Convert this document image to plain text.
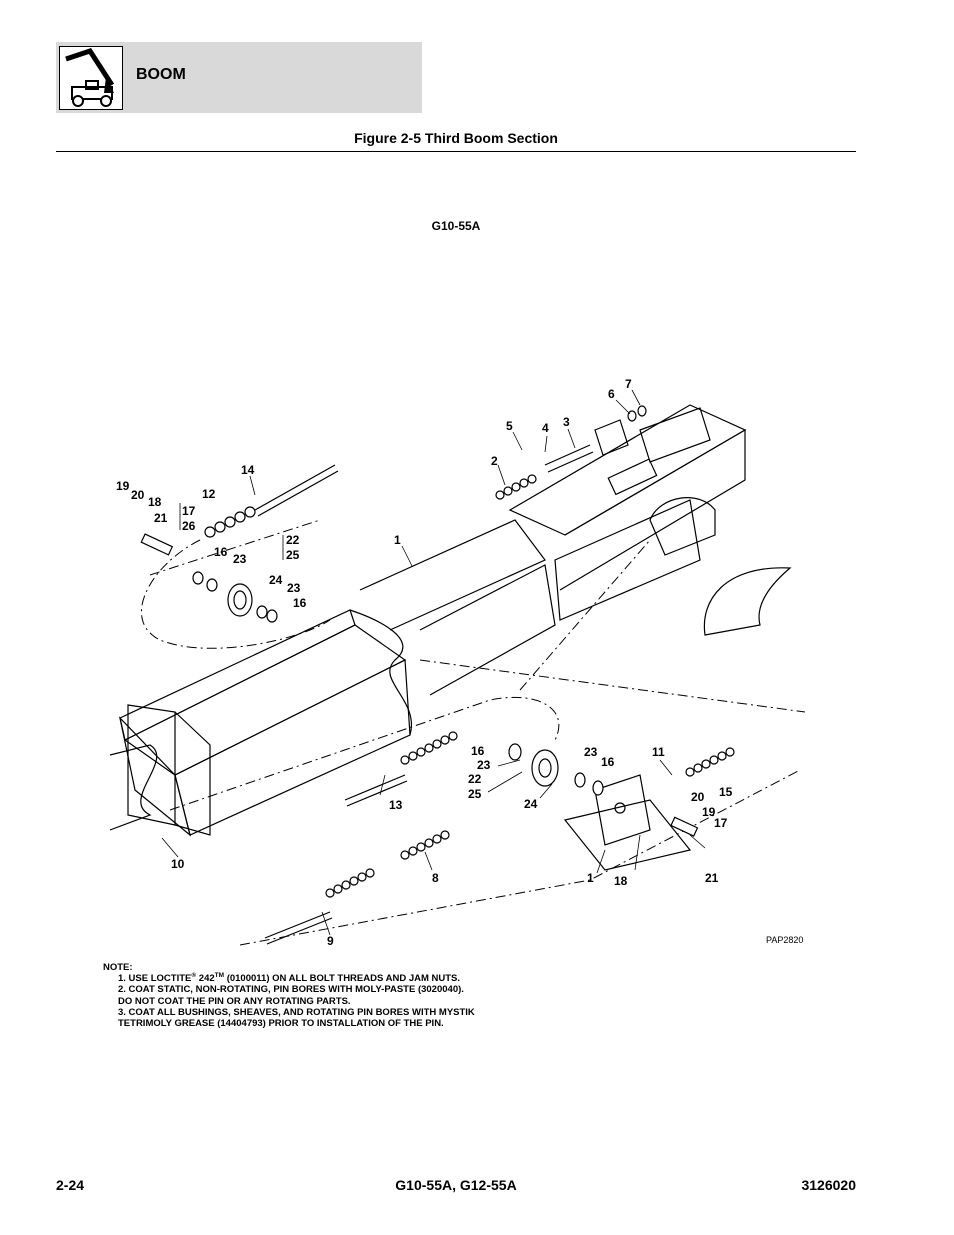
BOOM
Figure 2-5 Third Boom Section
G10-55A
1
2
3
4
5
6
7
14
19
20 18
12
17
21
26
16 23
22
25
24
23
16
1
16
23
22
25
23
16
11
15
13	24	20
19
17
10
8	18	21
9	PAP2820
NOTE:
1. USE LOCTITE® 242™ (0100011) ON ALL BOLT THREADS AND JAM NUTS.
2. COAT STATIC, NON-ROTATING, PIN BORES WITH MOLY-PASTE (3020040).
DO NOT COAT THE PIN OR ANY ROTATING PARTS.
3. COAT ALL BUSHINGS, SHEAVES, AND ROTATING PIN BORES WITH MYSTIK
TETRIMOLY GREASE (14404793) PRIOR TO INSTALLATION OF THE PIN.
2-24	G10-55A, G12-55A	3126020
